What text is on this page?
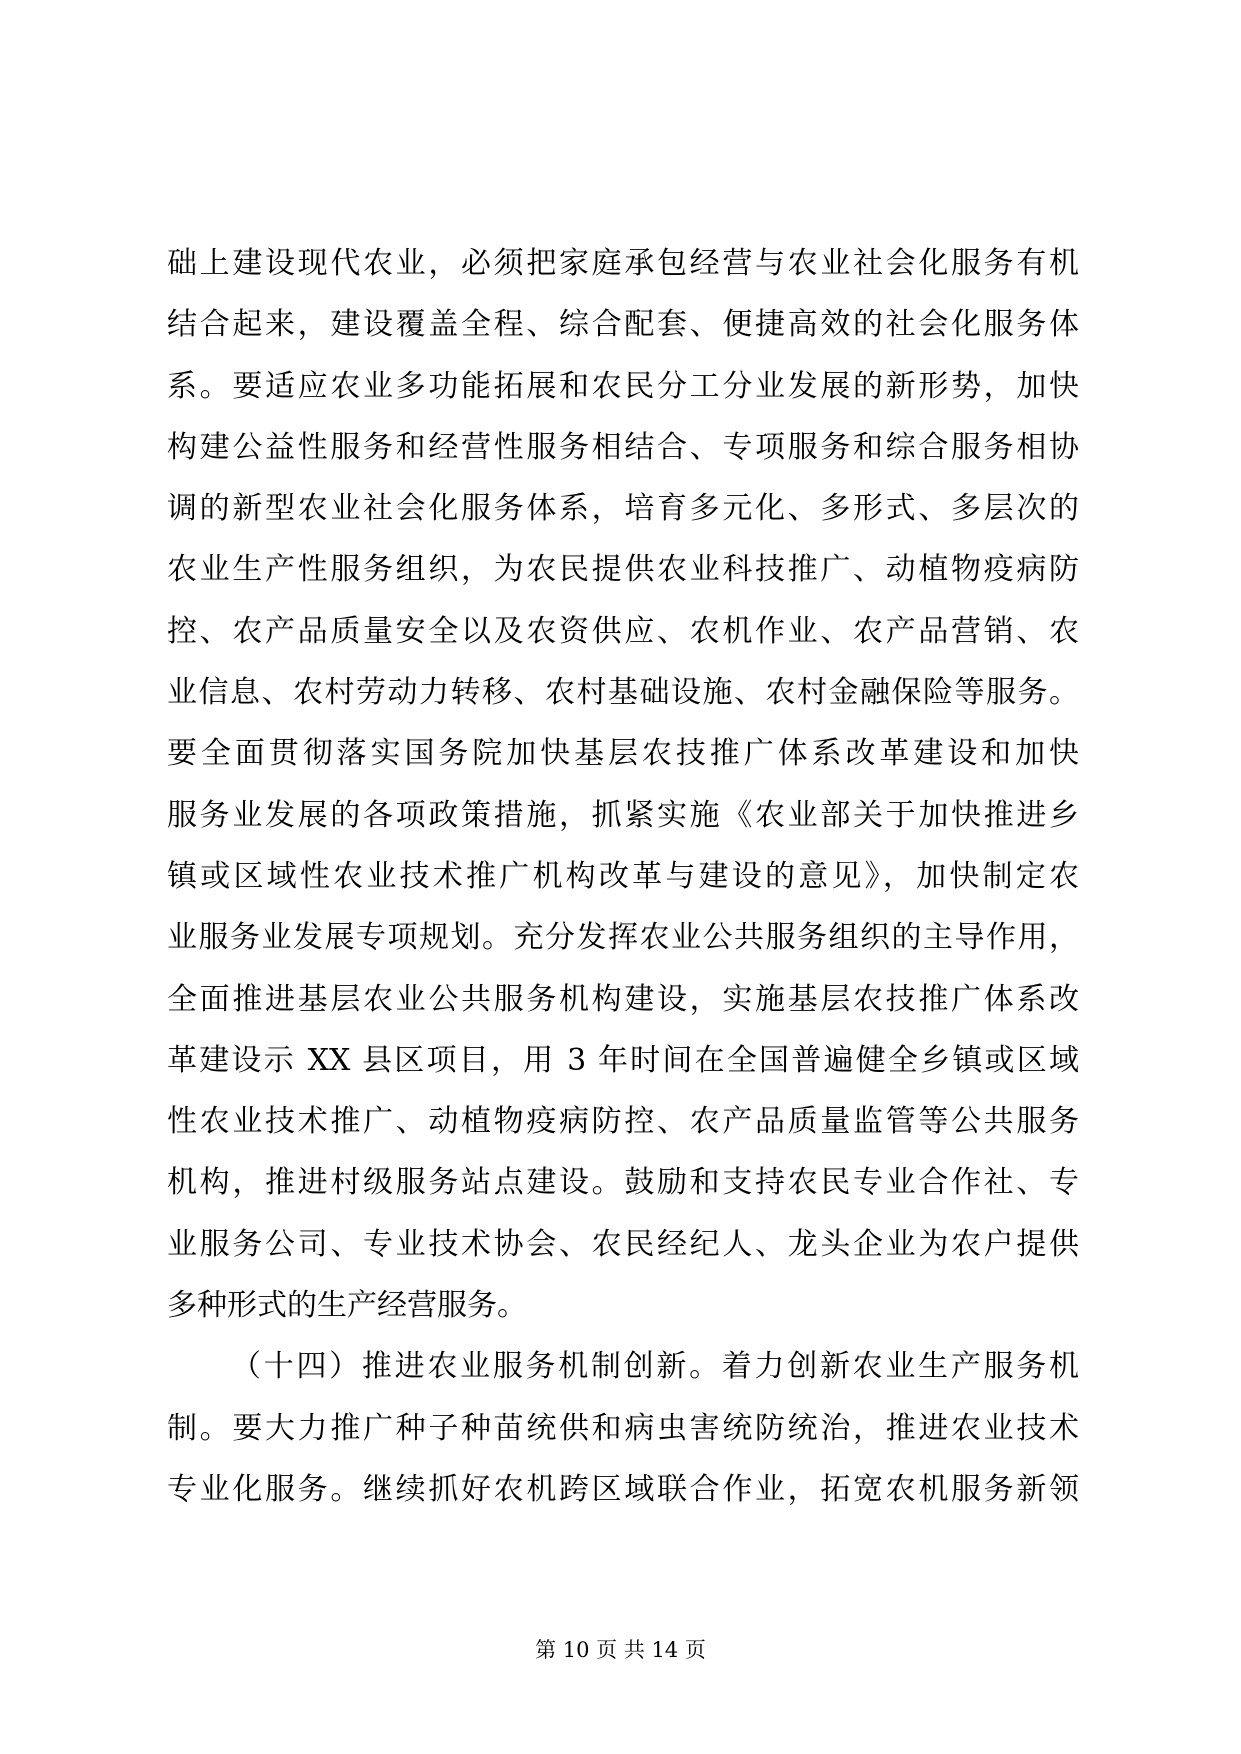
础上建设现代农业，必须把家庭承包经营与农业社会化服务有机
结合起来，建设覆盖全程、综合配套、便捷高效的社会化服务体
系。要适应农业多功能拓展和农民分工分业发展的新形势，加快
构建公益性服务和经营性服务相结合、专项服务和综合服务相协
调的新型农业社会化服务体系，培育多元化、多形式、多层次的
农业生产性服务组织，为农民提供农业科技推广、动植物疫病防
控、农产品质量安全以及农资供应、农机作业、农产品营销、农
业信息、农村劳动力转移、农村基础设施、农村金融保险等服务。
要全面贯彻落实国务院加快基层农技推广体系改革建设和加快
服务业发展的各项政策措施，抓紧实施《农业部关于加快推进乡
镇或区域性农业技术推广机构改革与建设的意见》，加快制定农
业服务业发展专项规划。充分发挥农业公共服务组织的主导作用，
全面推进基层农业公共服务机构建设，实施基层农技推广体系改
革建设示 XX 县区项目，用 3 年时间在全国普遍健全乡镇或区域
性农业技术推广、动植物疫病防控、农产品质量监管等公共服务
机构，推进村级服务站点建设。鼓励和支持农民专业合作社、专
业服务公司、专业技术协会、农民经纪人、龙头企业为农户提供
多种形式的生产经营服务。
（十四）推进农业服务机制创新。着力创新农业生产服务机
制。要大力推广种子种苗统供和病虫害统防统治，推进农业技术
专业化服务。继续抓好农机跨区域联合作业，拓宽农机服务新领
第 10 页 共 14 页
